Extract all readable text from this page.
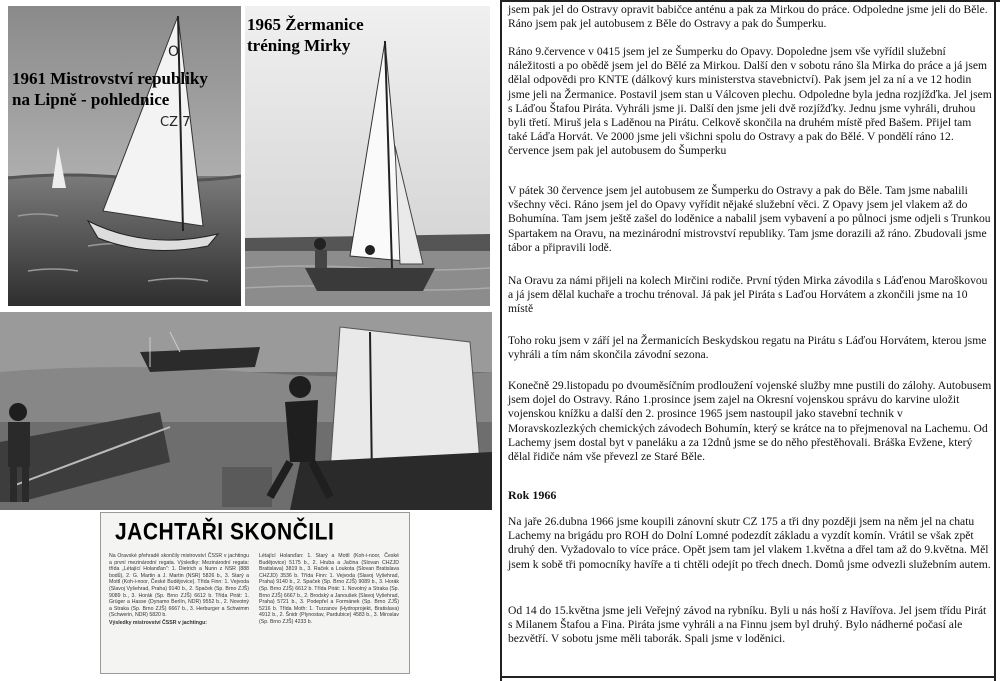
O
CZ 7
1961 Mistrovství republiky
na Lipně - pohlednice
1965 Žermanice
tréning Mirky
JACHTAŘI SKONČILI
Na Oravské přehradě skončily mistrovství ČSSR v jachtingu a první mezinárodní regata. Výsledky: Mezinárodní regata: třída „Létající Holanďan": 1. Dietrich a Nunn z NSR (888 bodů), 2. G. Martin a J. Martin (NSR) 5826 b., 3. Starý a Mottl (Koh-i-noor, České Budějovice). Třída Finn: 1. Vejvoda (Slavoj Vyšehrad, Praha) 9140 b., 2. Spaček (Sp. Brno ZJŠ) 9089 b., 3. Horák (Sp. Brno ZJŠ) 6612 b. Třída Pirát: 1. Grüger a Hasse (Dynamo Berlín, NDR) 9552 b., 2. Novotný a Straka (Sp. Brno ZJŠ) 6667 b., 3. Herburger a Schwimm (Schwerin, NDR) 5820 b.
Výsledky mistrovství ČSSR v jachtingu:
Létající Holanďan: 1. Starý a Mottl (Koh-i-noor, České Budějovice) 5175 b., 2. Hruba a Jačina (Slovan CHZJD Bratislava) 3819 b., 3. Raček a Loukota (Slovan Bratislava CHZJD) 3536 b. Třída Finn: 1. Vejvoda (Slavoj Vyšehrad, Praha) 9140 b., 2. Spaček (Sp. Brno ZJŠ) 9089 b., 3. Horák (Sp. Brno ZJŠ) 6612 b. Třída Pirát: 1. Novotný a Straka (Sp. Brno ZJŠ) 6667 b., 2. Brodský a Janoušek (Slavoj Vyšehrad, Praha) 5721 b., 3. Podepřel a Formánek (Sp. Brno ZJŠ) 5216 b. Třída Moth: 1. Turzanov (Hydroprojekt, Bratislava) 4912 b., 2. Šnidr (Plynostav, Pardubice) 4583 b., 3. Miroslav (Sp. Brno ZJŠ) 4233 b.

jsem pak jel do Ostravy opravit babičce anténu a pak za Mirkou do práce. Odpoledne jsme jeli do Běle. Ráno jsem pak jel autobusem z Běle do Ostravy a pak do Šumperku.

Ráno 9.července v 0415 jsem jel ze Šumperku do Opavy. Dopoledne jsem vše vyřídil služební náležitosti a po obědě jsem jel do Bělé za Mirkou. Další den v sobotu ráno šla Mirka do práce a já jsem dělal odpovědi pro KNTE (dálkový kurs ministerstva stavebnictví). Pak jsem jel za ní a ve 12 hodin jsme jeli na Žermanice. Postavil jsem stan u Válcoven plechu. Odpoledne byla jedna rozjížďka. Jel jsem s Láďou Štafou Piráta. Vyhráli jsme ji. Další den jsme jeli dvě rozjížďky. Jednu jsme vyhráli, druhou byli třetí. Miruš jela s Laděnou na Pirátu. Celkově skončila na druhém místě před Bašem. Přijel tam také Láďa Horvát. Ve 2000 jsme jeli všichni spolu do Ostravy a pak do Bělé. V pondělí ráno 12. července jsem pak jel autobusem do Šumperku

V pátek 30 července jsem jel autobusem ze Šumperku do Ostravy a pak do Běle. Tam jsme nabalili všechny věci. Ráno jsem jel do Opavy vyřídit nějaké služební věci. Z Opavy jsem jel vlakem až do Bohumína. Tam jsem ještě zašel do loděnice a nabalil jsem vybavení a po půlnoci jsme odjeli s Trunkou Spartakem na Oravu, na mezinárodní mistrovství republiky. Tam jsme dorazili až ráno. Zbudovali jsme tábor a připravili lodě.

Na Oravu za námi přijeli na kolech Mirčini rodiče. První týden Mirka závodila s Láďenou Maroškovou a já jsem dělal kuchaře a trochu trénoval. Já pak jel Piráta s Laďou Horvátem a zkončili jsme na 10 místě

Toho roku jsem v září jel na Žermanicích Beskydskou regatu na Pirátu s Láďou Horvátem, kterou jsme vyhráli a tím nám skončila závodní sezona.

Konečně 29.listopadu po dvouměsíčním prodloužení vojenské služby mne pustili do zálohy. Autobusem jsem dojel do Ostravy. Ráno 1.prosince jsem zajel na Okresní vojenskou správu do karvine uložit vojenskou knížku a další den 2. prosince 1965 jsem nastoupil jako stavební technik v Moravskozlezkých chemických závodech Bohumín, který se krátce na to přejmenoval na Lachemu. Od Lachemy jsem dostal byt v paneláku a za 12dnů jsme se do něho přestěhovali. Bráška Evžene, který dělal řidiče nám vše převezl ze Staré Běle.

Rok 1966

Na jaře 26.dubna 1966 jsme koupili zánovní skutr CZ 175 a tři dny později jsem na něm jel na chatu Lachemy na brigádu pro ROH do Dolní Lomné podezdít základu a vyzdít komín. Vrátil se však zpět druhý den. Vyžadovalo to více práce. Opět jsem tam jel vlakem 1.května a dřel tam až do 9.května. Měl jsem k sobě tři pomocníky havíře a ti chtěli odejít po třech dnech. Domů jsme odvezli služebním autem.

Od 14 do 15.května jsme jeli Veřejný závod na rybníku. Byli u nás hoší z Havířova. Jel jsem třídu Pirát s Milanem Štafou a Fina. Piráta jsme vyhráli a na Finnu jsem byl druhý. Bylo nádherné počasí ale bezvětří. V sobotu jsme měli taborák. Spali jsme v loděnici.
